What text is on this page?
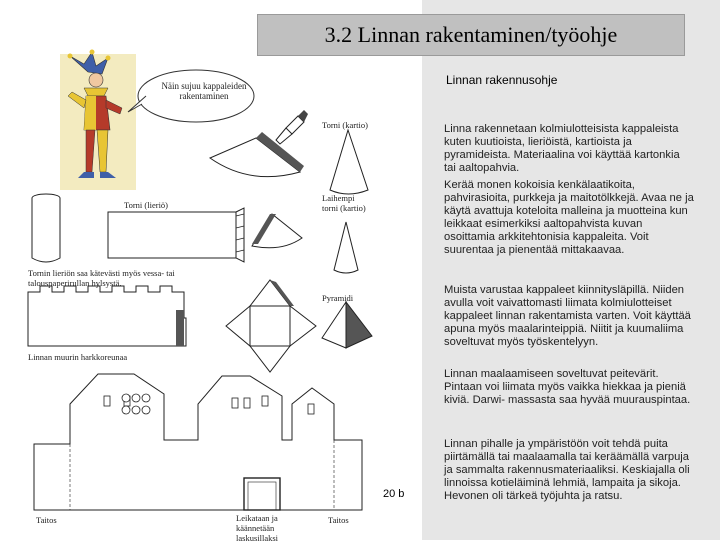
3.2 Linnan rakentaminen/työohje
Näin sujuu kappaleiden rakentaminen
Torni (kartio)
Torni (lieriö)
Laihempi torni (kartio)
Tornin lieriön saa kätevästi myös vessa- tai talouspaperirullan hylsystä.
Pyramidi
Linnan muurin harkkoreunaa
Taitos	Leikataan ja käännetään laskusillaksi
Taitos
20 b
Linnan rakennusohje

Linna rakennetaan kolmiulotteisista kappaleista kuten kuutioista, lieriöistä, kartioista ja pyramideista. Materiaalina voi käyttää kartonkia tai aaltopahvia.

Kerää monen kokoisia kenkälaatikoita, pahvirasioita, purkkeja ja maitotölkkejä. Avaa ne ja käytä avattuja koteloita malleina ja muotteina kun leikkaat esimerkiksi aaltopahvista kuvan osoittamia arkkitehtonisia kappaleita. Voit suurentaa ja pienentää mittakaavaa.

Muista varustaa kappaleet kiinnitysläpillä. Niiden avulla voit vaivattomasti liimata kolmiulotteiset kappaleet linnan rakentamista varten. Voit käyttää apuna myös maalarinteippiä. Niitit ja kuumaliima soveltuvat myös työskentelyyn.

Linnan maalaamiseen soveltuvat peitevärit. Pintaan voi liimata myös vaikka hiekkaa ja pieniä kiviä. Darwi- massasta saa hyvää muurauspintaa.

Linnan pihalle ja ympäristöön voit tehdä puita piirtämällä tai maalaamalla tai keräämällä varpuja ja sammalta rakennusmateriaaliksi. Keskiajalla oli linnoissa kotieläiminä lehmiä, lampaita ja sikoja. Hevonen oli tärkeä työjuhta ja ratsu.
